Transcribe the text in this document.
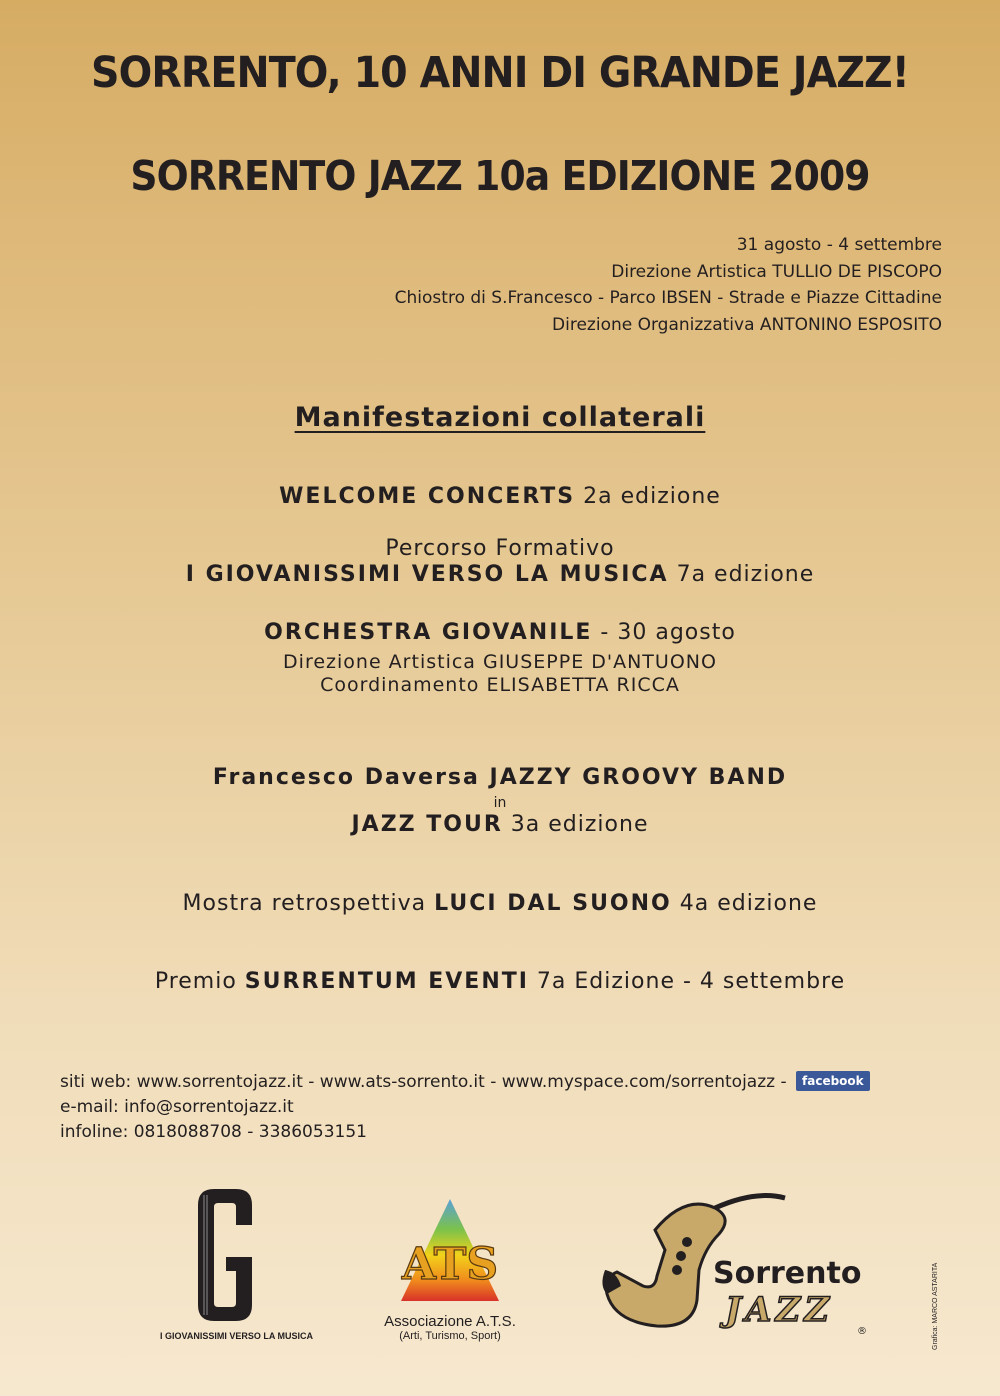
SORRENTO, 10 ANNI DI GRANDE JAZZ!
SORRENTO JAZZ 10a EDIZIONE 2009
31 agosto - 4 settembre
Direzione Artistica TULLIO DE PISCOPO
Chiostro di S.Francesco - Parco IBSEN - Strade e Piazze Cittadine
Direzione Organizzativa ANTONINO ESPOSITO
Manifestazioni collaterali
WELCOME CONCERTS 2a edizione
Percorso Formativo
I GIOVANISSIMI VERSO LA MUSICA 7a edizione
ORCHESTRA GIOVANILE - 30 agosto
Direzione Artistica GIUSEPPE D'ANTUONO
Coordinamento ELISABETTA RICCA
Francesco Daversa JAZZY GROOVY BAND
in
JAZZ TOUR 3a edizione
Mostra retrospettiva LUCI DAL SUONO 4a edizione
Premio SURRENTUM EVENTI 7a Edizione - 4 settembre
siti web: www.sorrentojazz.it - www.ats-sorrento.it - www.myspace.com/sorrentojazz - facebook
e-mail: info@sorrentojazz.it
infoline: 0818088708 - 3386053151
I GIOVANISSIMI VERSO LA MUSICA
ATS
Associazione A.T.S.
(Arti, Turismo, Sport)
Sorrento
JAZZ
®	Grafica: MARCO ASTARITA
